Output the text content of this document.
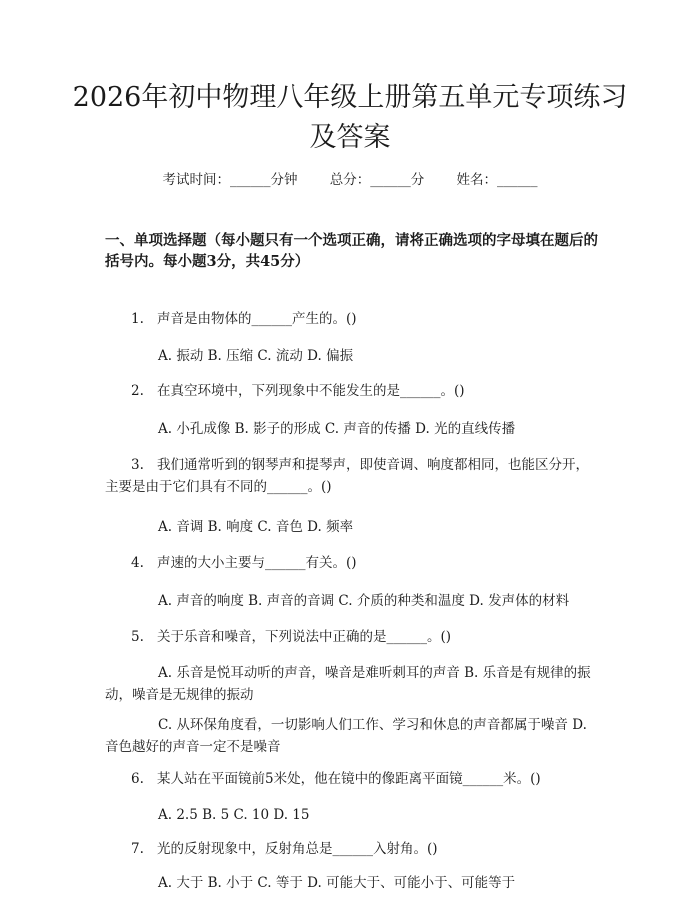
2026年初中物理八年级上册第五单元专项练习及答案
考试时间：______分钟 总分：______分 姓名：______

一、单项选择题（每小题只有一个选项正确，请将正确选项的字母填在题后的括号内。每小题3分，共45分）

1. 声音是由物体的______产生的。()

A. 振动 B. 压缩 C. 流动 D. 偏振

2. 在真空环境中，下列现象中不能发生的是______。()

A. 小孔成像 B. 影子的形成 C. 声音的传播 D. 光的直线传播

3. 我们通常听到的钢琴声和提琴声，即使音调、响度都相同，也能区分开，主要是由于它们具有不同的______。()

A. 音调 B. 响度 C. 音色 D. 频率

4. 声速的大小主要与______有关。()

A. 声音的响度 B. 声音的音调 C. 介质的种类和温度 D. 发声体的材料

5. 关于乐音和噪音，下列说法中正确的是______。()

A. 乐音是悦耳动听的声音，噪音是难听刺耳的声音 B. 乐音是有规律的振动，噪音是无规律的振动

C. 从环保角度看，一切影响人们工作、学习和休息的声音都属于噪音 D. 音色越好的声音一定不是噪音

6. 某人站在平面镜前5米处，他在镜中的像距离平面镜______米。()

A. 2.5 B. 5 C. 10 D. 15

7. 光的反射现象中，反射角总是______入射角。()

A. 大于 B. 小于 C. 等于 D. 可能大于、可能小于、可能等于
